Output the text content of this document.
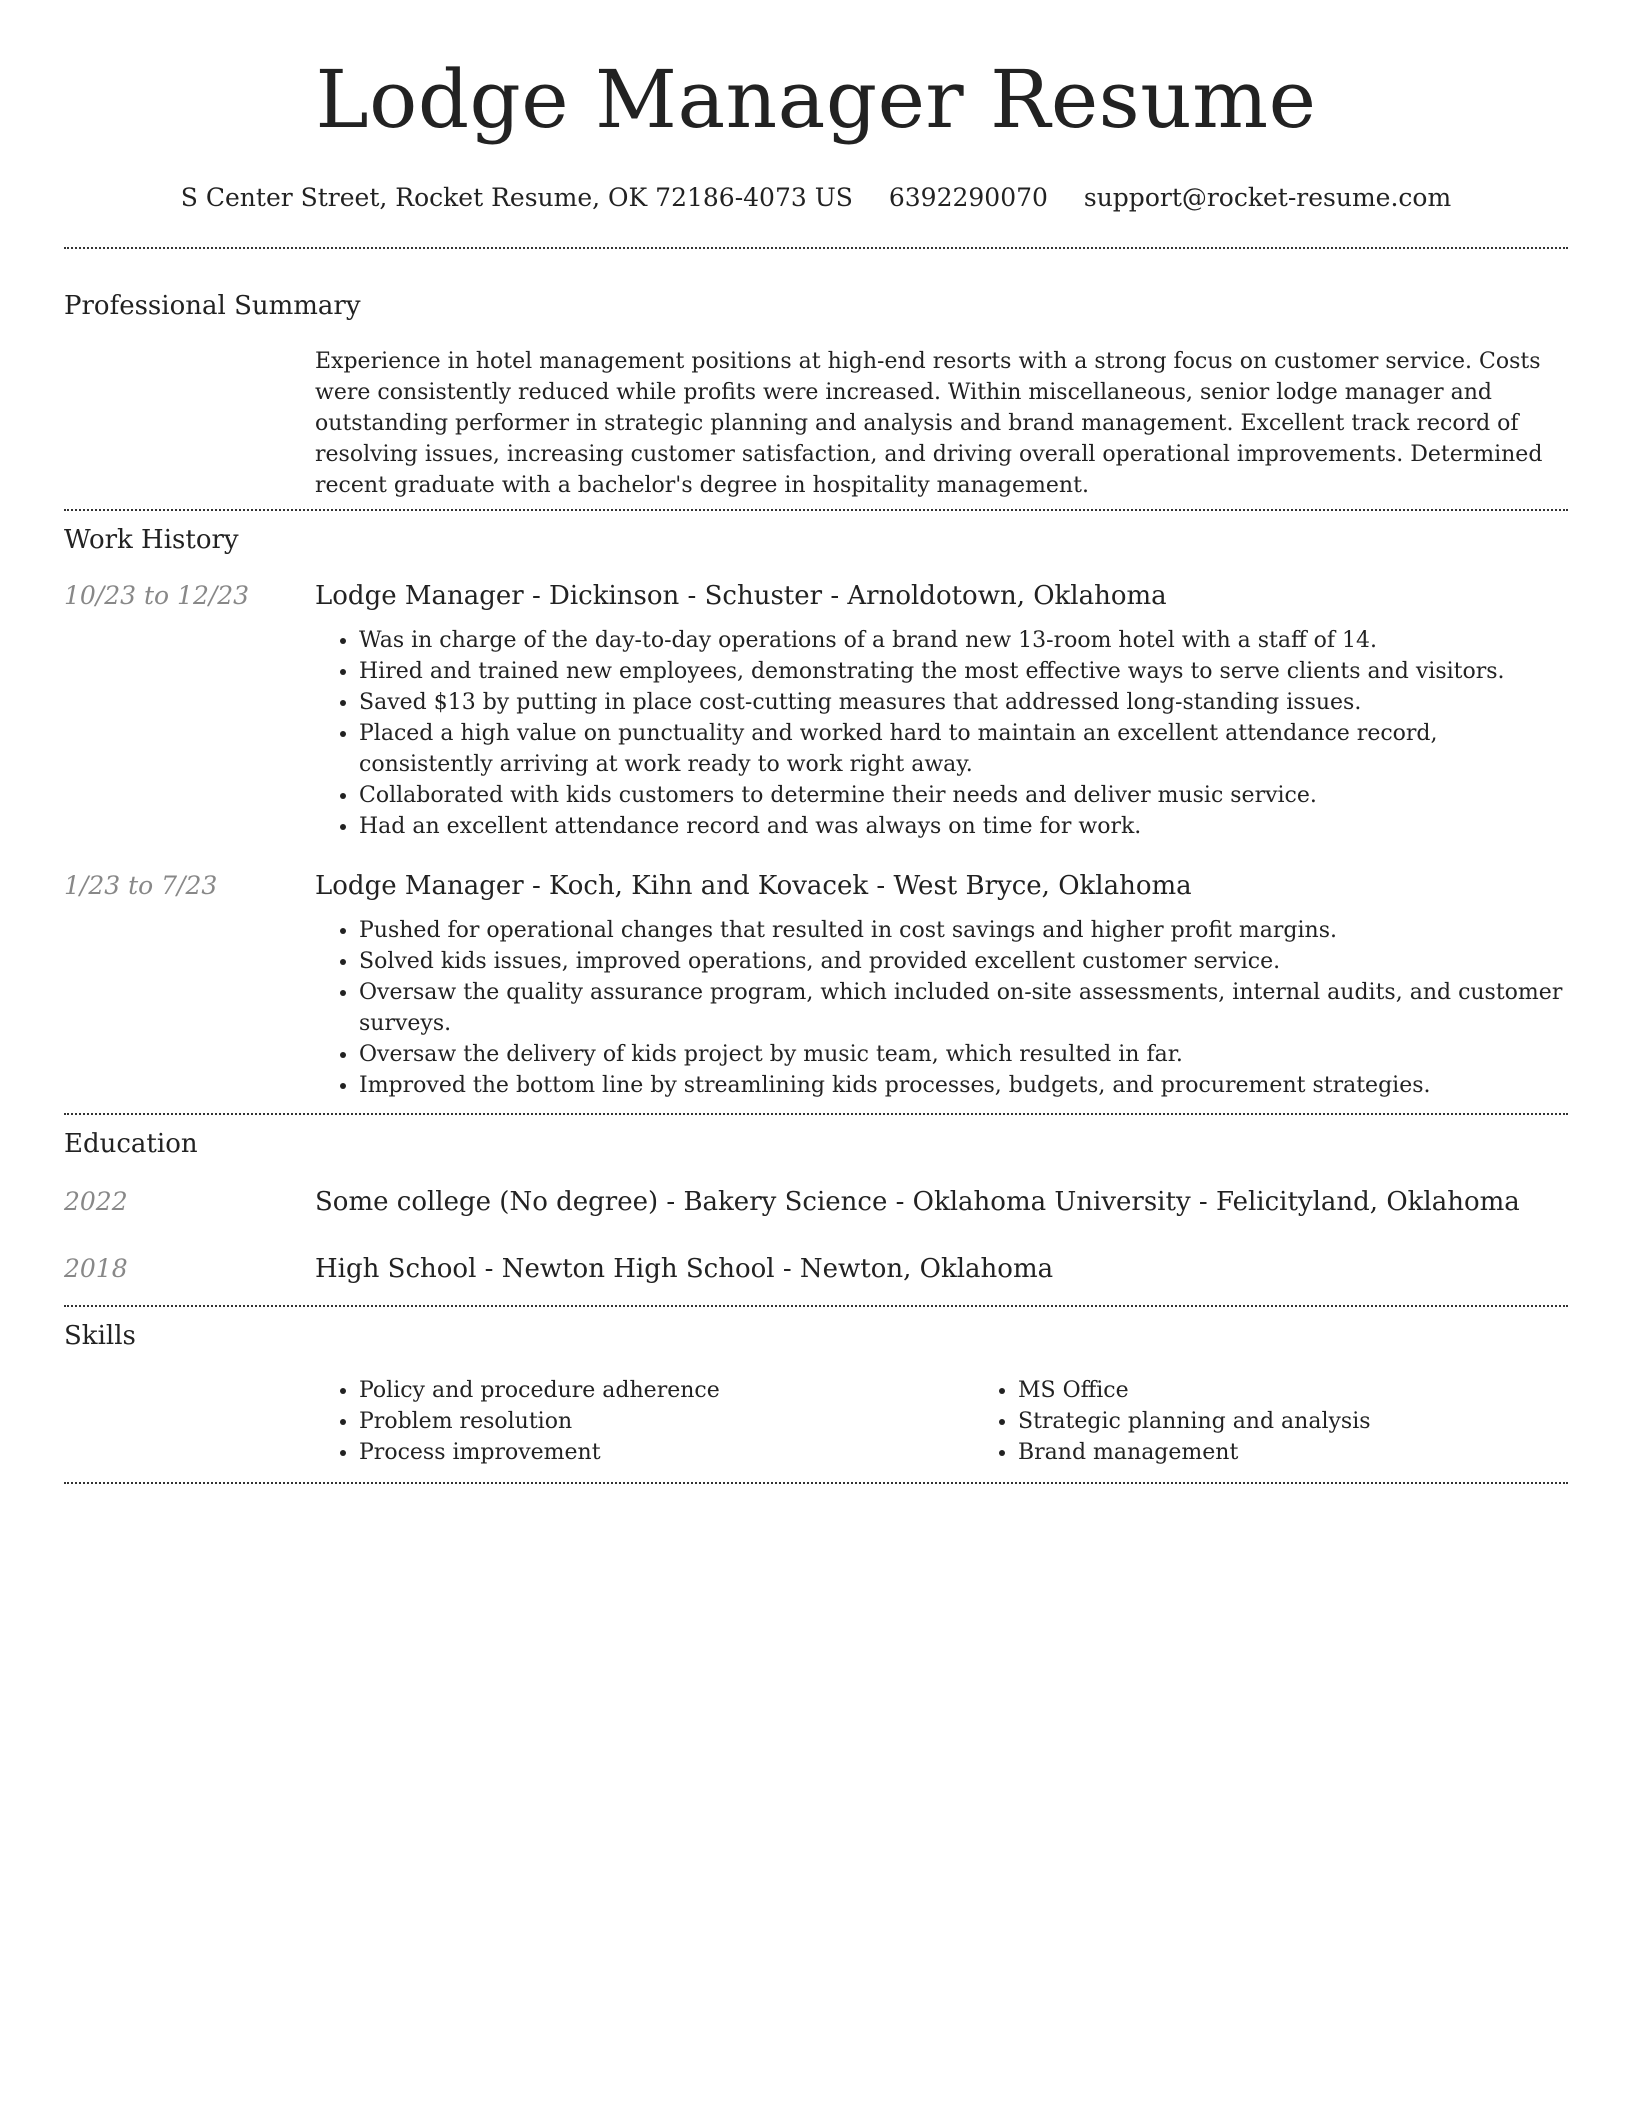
Lodge Manager Resume
S Center Street, Rocket Resume, OK 72186-4073 US 6392290070 support@rocket-resume.com
Professional Summary
Experience in hotel management positions at high-end resorts with a strong focus on customer service. Costs were consistently reduced while profits were increased. Within miscellaneous, senior lodge manager and outstanding performer in strategic planning and analysis and brand management. Excellent track record of resolving issues, increasing customer satisfaction, and driving overall operational improvements. Determined recent graduate with a bachelor's degree in hospitality management.
Work History
10/23 to 12/23	Lodge Manager - Dickinson - Schuster - Arnoldotown, Oklahoma
• Was in charge of the day-to-day operations of a brand new 13-room hotel with a staff of 14.
• Hired and trained new employees, demonstrating the most effective ways to serve clients and visitors.
• Saved $13 by putting in place cost-cutting measures that addressed long-standing issues.
• Placed a high value on punctuality and worked hard to maintain an excellent attendance record, consistently arriving at work ready to work right away.
• Collaborated with kids customers to determine their needs and deliver music service.
• Had an excellent attendance record and was always on time for work.
1/23 to 7/23	Lodge Manager - Koch, Kihn and Kovacek - West Bryce, Oklahoma
• Pushed for operational changes that resulted in cost savings and higher profit margins.
• Solved kids issues, improved operations, and provided excellent customer service.
• Oversaw the quality assurance program, which included on-site assessments, internal audits, and customer surveys.
• Oversaw the delivery of kids project by music team, which resulted in far.
• Improved the bottom line by streamlining kids processes, budgets, and procurement strategies.
Education
2022	Some college (No degree) - Bakery Science - Oklahoma University - Felicityland, Oklahoma
2018	High School - Newton High School - Newton, Oklahoma
Skills
• Policy and procedure adherence
• Problem resolution
• Process improvement
• MS Office
• Strategic planning and analysis
• Brand management
